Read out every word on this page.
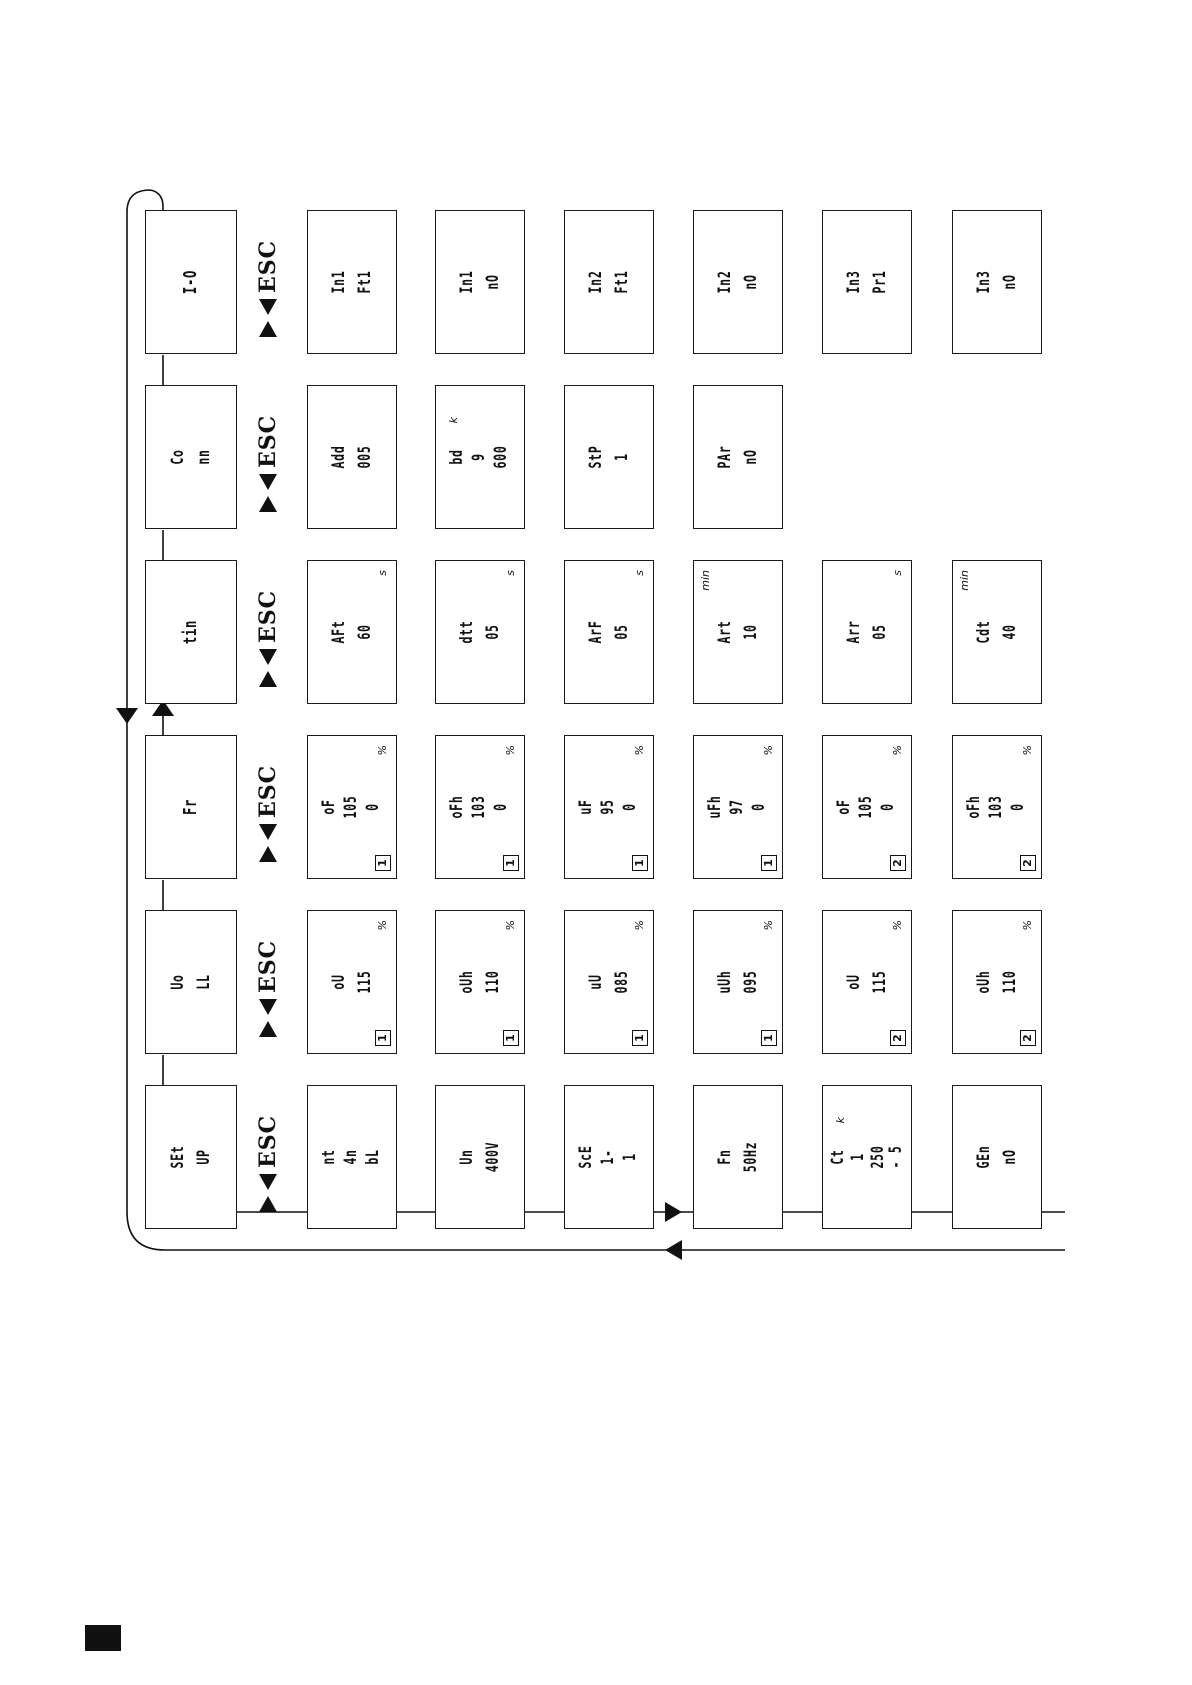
SEt UP ESC nt 4n bL	Un 400V	ScE 1- 1	Fn 50Hz	Ct 1 250
- 5
k
GEn nO
Uo LL ESC	oU 115
%
1
oUh 110
%
1
uU 085
%
1
uUh 095
%
1
oU 115
%
2
oUh 110
%
2
Fr ESC oF 105 0
%
1
oFh 103 0
%
1
uF 95 0
%
1
uFh 97 0
%
1
oF 105 0
%
2
oFh 103 0
%
2
tin ESC	AFt 60
s
dtt 05
s
ArF 05
s
Art 10
min
Arr 05
s
Cdt 40
min
Co nn ESC	Add 005	bd 9 600
k
StP 1	PAr nO
I-O ESC	In1 Ft1	In1 nO	In2 Ft1	In2 nO	In3 Pr1	In3 nO
